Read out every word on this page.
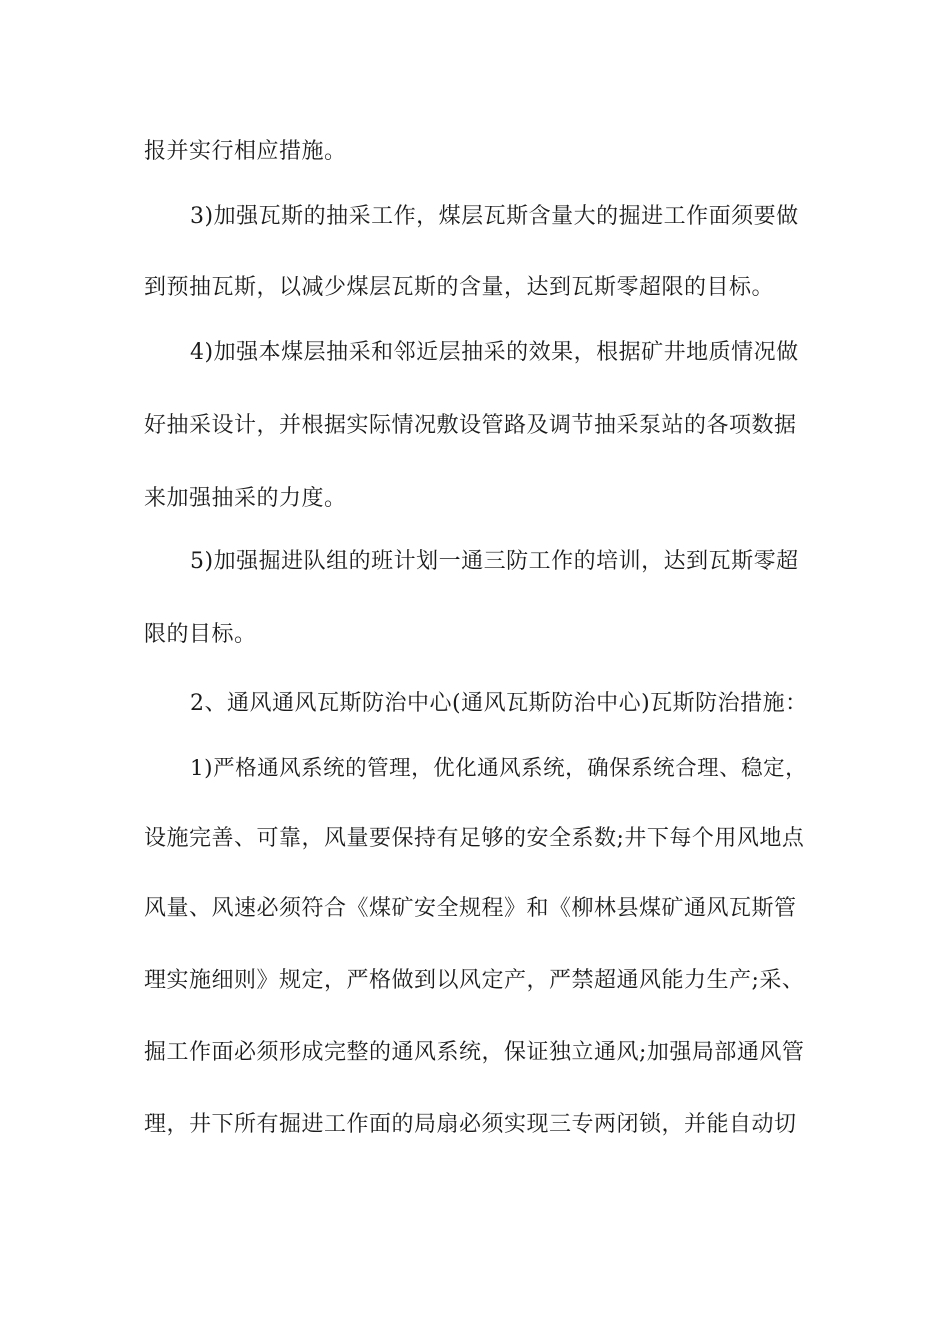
报并实行相应措施。
3)加强瓦斯的抽采工作，煤层瓦斯含量大的掘进工作面须要做
到预抽瓦斯，以减少煤层瓦斯的含量，达到瓦斯零超限的目标。
4)加强本煤层抽采和邻近层抽采的效果，根据矿井地质情况做
好抽采设计，并根据实际情况敷设管路及调节抽采泵站的各项数据
来加强抽采的力度。
5)加强掘进队组的班计划一通三防工作的培训，达到瓦斯零超
限的目标。
2、通风通风瓦斯防治中心(通风瓦斯防治中心)瓦斯防治措施：
1)严格通风系统的管理，优化通风系统，确保系统合理、稳定，
设施完善、可靠，风量要保持有足够的安全系数;井下每个用风地点
风量、风速必须符合《煤矿安全规程》和《柳林县煤矿通风瓦斯管
理实施细则》规定，严格做到以风定产，严禁超通风能力生产;采、
掘工作面必须形成完整的通风系统，保证独立通风;加强局部通风管
理，井下所有掘进工作面的局扇必须实现三专两闭锁，并能自动切
